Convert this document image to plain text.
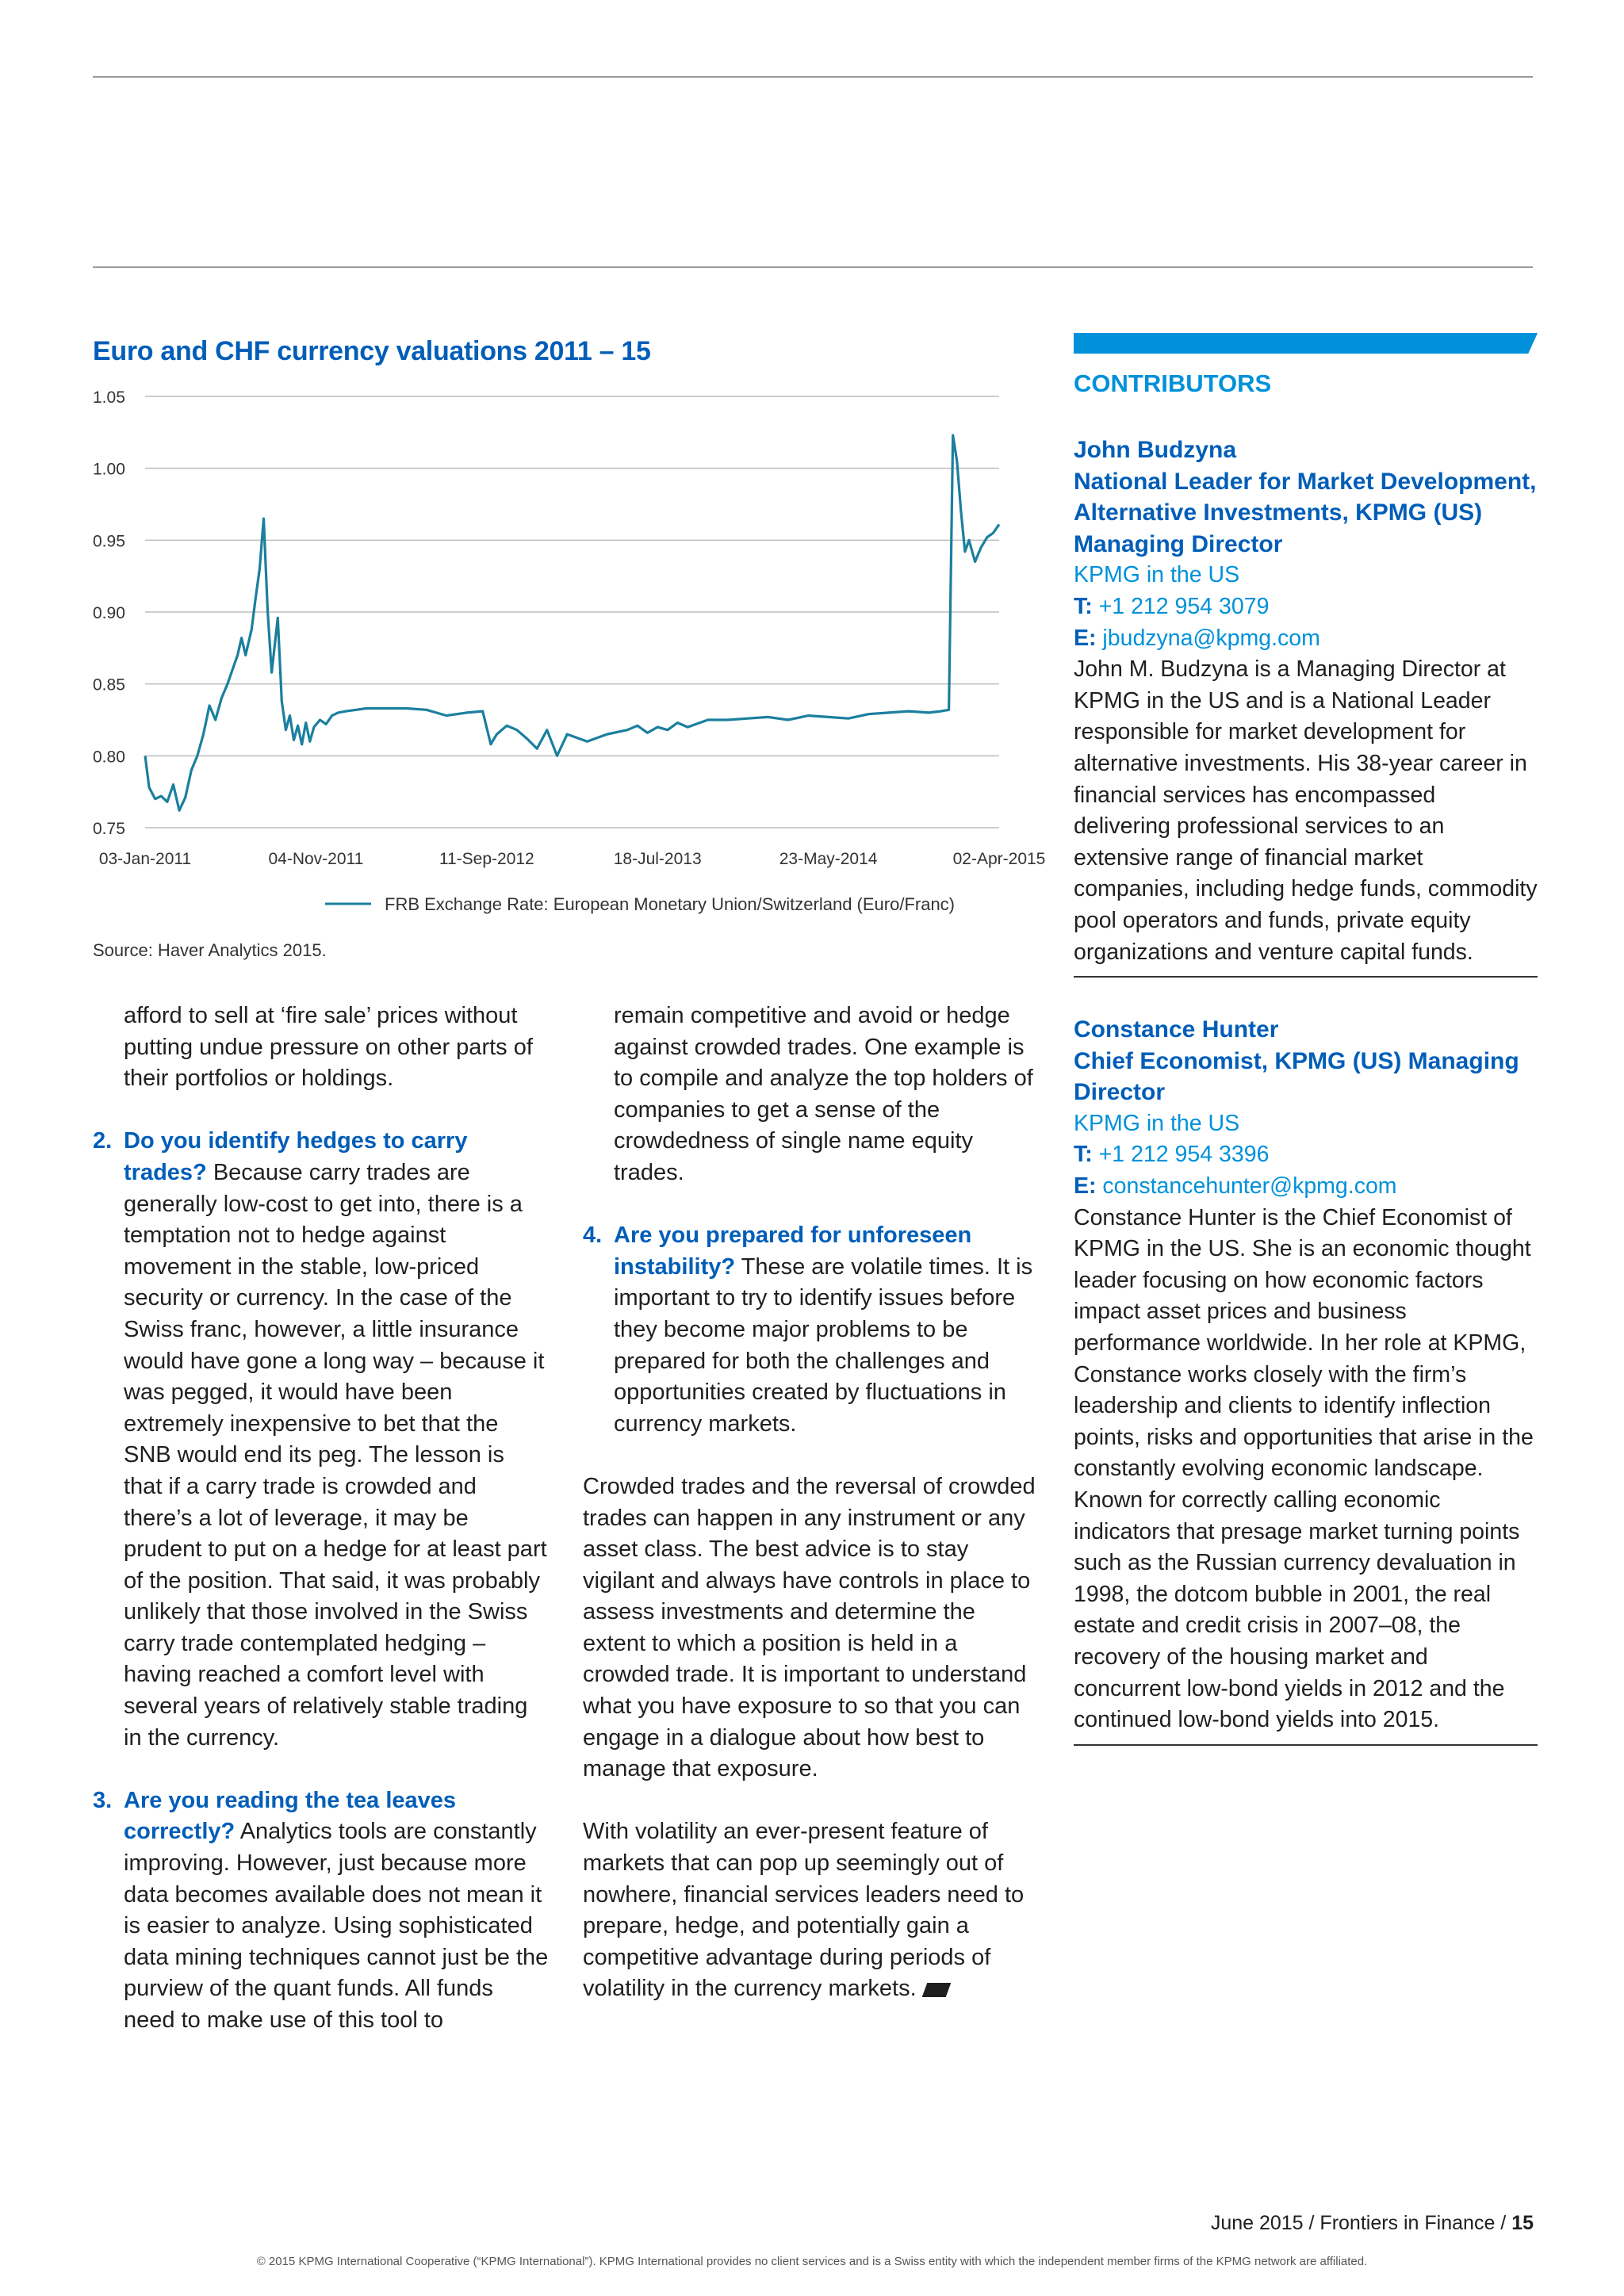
Euro and CHF currency valuations 2011 – 15
1.05
1.00
0.95
0.90
0.85
0.80
0.75
03-Jan-2011	04-Nov-2011	11-Sep-2012	18-Jul-2013	23-May-2014	02-Apr-2015
FRB Exchange Rate: European Monetary Union/Switzerland (Euro/Franc)
Source: Haver Analytics 2015.

afford to sell at ‘fire sale’ prices without putting undue pressure on other parts of their portfolios or holdings.

2. Do you identify hedges to carry trades? Because carry trades are generally low-cost to get into, there is a temptation not to hedge against movement in the stable, low-priced security or currency. In the case of the Swiss franc, however, a little insurance would have gone a long way – because it was pegged, it would have been extremely inexpensive to bet that the SNB would end its peg. The lesson is that if a carry trade is crowded and there’s a lot of leverage, it may be prudent to put on a hedge for at least part of the position. That said, it was probably unlikely that those involved in the Swiss carry trade contemplated hedging – having reached a comfort level with several years of relatively stable trading in the currency.
3. Are you reading the tea leaves correctly? Analytics tools are constantly improving. However, just because more data becomes available does not mean it is easier to analyze. Using sophisticated data mining techniques cannot just be the purview of the quant funds. All funds need to make use of this tool to

remain competitive and avoid or hedge against crowded trades. One example is to compile and analyze the top holders of companies to get a sense of the crowdedness of single name equity trades.

4. Are you prepared for unforeseen instability? These are volatile times. It is important to try to identify issues before they become major problems to be prepared for both the challenges and opportunities created by fluctuations in currency markets.

Crowded trades and the reversal of crowded trades can happen in any instrument or any asset class. The best advice is to stay vigilant and always have controls in place to assess investments and determine the extent to which a position is held in a crowded trade. It is important to understand what you have exposure to so that you can engage in a dialogue about how best to manage that exposure.

With volatility an ever-present feature of markets that can pop up seemingly out of nowhere, financial services leaders need to prepare, hedge, and potentially gain a competitive advantage during periods of volatility in the currency markets.

CONTRIBUTORS
John Budzyna
National Leader for Market Development, Alternative Investments, KPMG (US) Managing Director
KPMG in the US
T: +1 212 954 3079
E: jbudzyna@kpmg.com
John M. Budzyna is a Managing Director at KPMG in the US and is a National Leader responsible for market development for alternative investments. His 38-year career in financial services has encompassed delivering professional services to an extensive range of financial market companies, including hedge funds, commodity pool operators and funds, private equity organizations and venture capital funds.
Constance Hunter
Chief Economist, KPMG (US) Managing Director
KPMG in the US
T: +1 212 954 3396
E: constancehunter@kpmg.com
Constance Hunter is the Chief Economist of KPMG in the US. She is an economic thought leader focusing on how economic factors impact asset prices and business performance worldwide. In her role at KPMG, Constance works closely with the firm’s leadership and clients to identify inflection points, risks and opportunities that arise in the constantly evolving economic landscape. Known for correctly calling economic indicators that presage market turning points such as the Russian currency devaluation in 1998, the dotcom bubble in 2001, the real estate and credit crisis in 2007–08, the recovery of the housing market and concurrent low-bond yields in 2012 and the continued low-bond yields into 2015.
June 2015 / Frontiers in Finance / 15
© 2015 KPMG International Cooperative (“KPMG International”). KPMG International provides no client services and is a Swiss entity with which the independent member firms of the KPMG network are affiliated.
